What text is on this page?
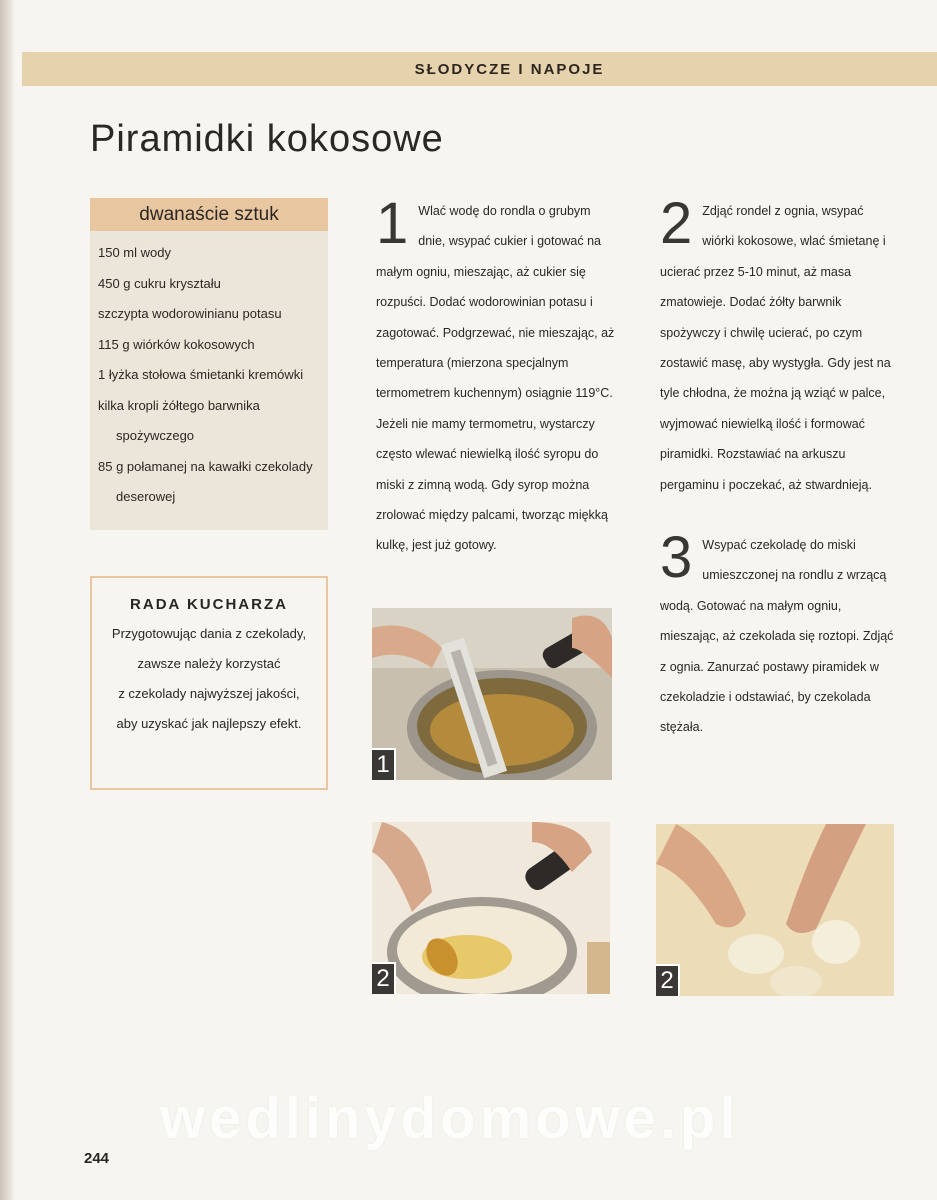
SŁODYCZE I NAPOJE
Piramidki kokosowe
dwanaście sztuk
150 ml wody
450 g cukru kryształu
szczypta wodorowinianu potasu
115 g wiórków kokosowych
1 łyżka stołowa śmietanki kremówki
kilka kropli żółtego barwnika
spożywczego
85 g połamanej na kawałki czekolady
deserowej
RADA KUCHARZA
Przygotowując dania z czekolady,
zawsze należy korzystać
z czekolady najwyższej jakości,
aby uzyskać jak najlepszy efekt.
1 Wlać wodę do rondla o grubym dnie, wsypać cukier i gotować na małym ogniu, mieszając, aż cukier się rozpuści. Dodać wodorowinian potasu i zagotować. Podgrzewać, nie mieszając, aż temperatura (mierzona specjalnym termometrem kuchennym) osiągnie 119°C. Jeżeli nie mamy termometru, wystarczy często wlewać niewielką ilość syropu do miski z zimną wodą. Gdy syrop można zrolować między palcami, tworząc miękką kulkę, jest już gotowy.

2 Zdjąć rondel z ognia, wsypać wiórki kokosowe, wlać śmietanę i ucierać przez 5-10 minut, aż masa zmatowieje. Dodać żółty barwnik spożywczy i chwilę ucierać, po czym zostawić masę, aby wystygła. Gdy jest na tyle chłodna, że można ją wziąć w palce, wyjmować niewielką ilość i formować piramidki. Rozstawiać na arkuszu pergaminu i poczekać, aż stwardnieją.

3 Wsypać czekoladę do miski umieszczonej na rondlu z wrzącą wodą. Gotować na małym ogniu, mieszając, aż czekolada się roztopi. Zdjąć z ognia. Zanurzać postawy piramidek w czekoladzie i odstawiać, by czekolada stężała.

1
2	2
wedlinydomowe.pl
244
